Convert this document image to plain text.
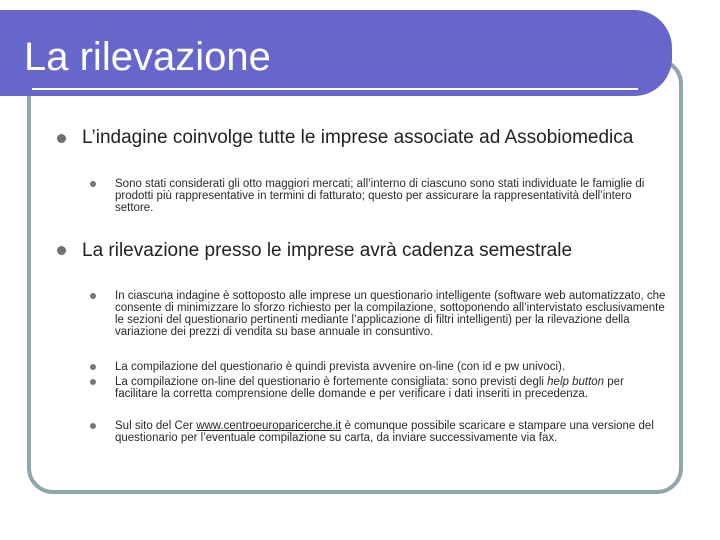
La rilevazione
L’indagine coinvolge tutte le imprese associate ad Assobiomedica
Sono stati considerati gli otto maggiori mercati; all’interno di ciascuno sono stati individuate le famiglie di prodotti più rappresentative in termini di fatturato; questo per assicurare la rappresentatività dell’intero settore.
La rilevazione presso le imprese avrà cadenza semestrale
In ciascuna indagine è sottoposto alle imprese un questionario intelligente (software web automatizzato, che consente di minimizzare lo sforzo richiesto per la compilazione, sottoponendo all’intervistato esclusivamente le sezioni del questionario pertinenti mediante l’applicazione di filtri intelligenti) per la rilevazione della variazione dei prezzi di vendita su base annuale in consuntivo.
La compilazione del questionario è quindi prevista avvenire on-line (con id e pw univoci).
La compilazione on-line del questionario è fortemente consigliata: sono previsti degli help button per facilitare la corretta comprensione delle domande e per verificare i dati inseriti in precedenza.
Sul sito del Cer www.centroeuroparicerche.it è comunque possibile scaricare e stampare una versione del questionario per l’eventuale compilazione su carta, da inviare successivamente via fax.
